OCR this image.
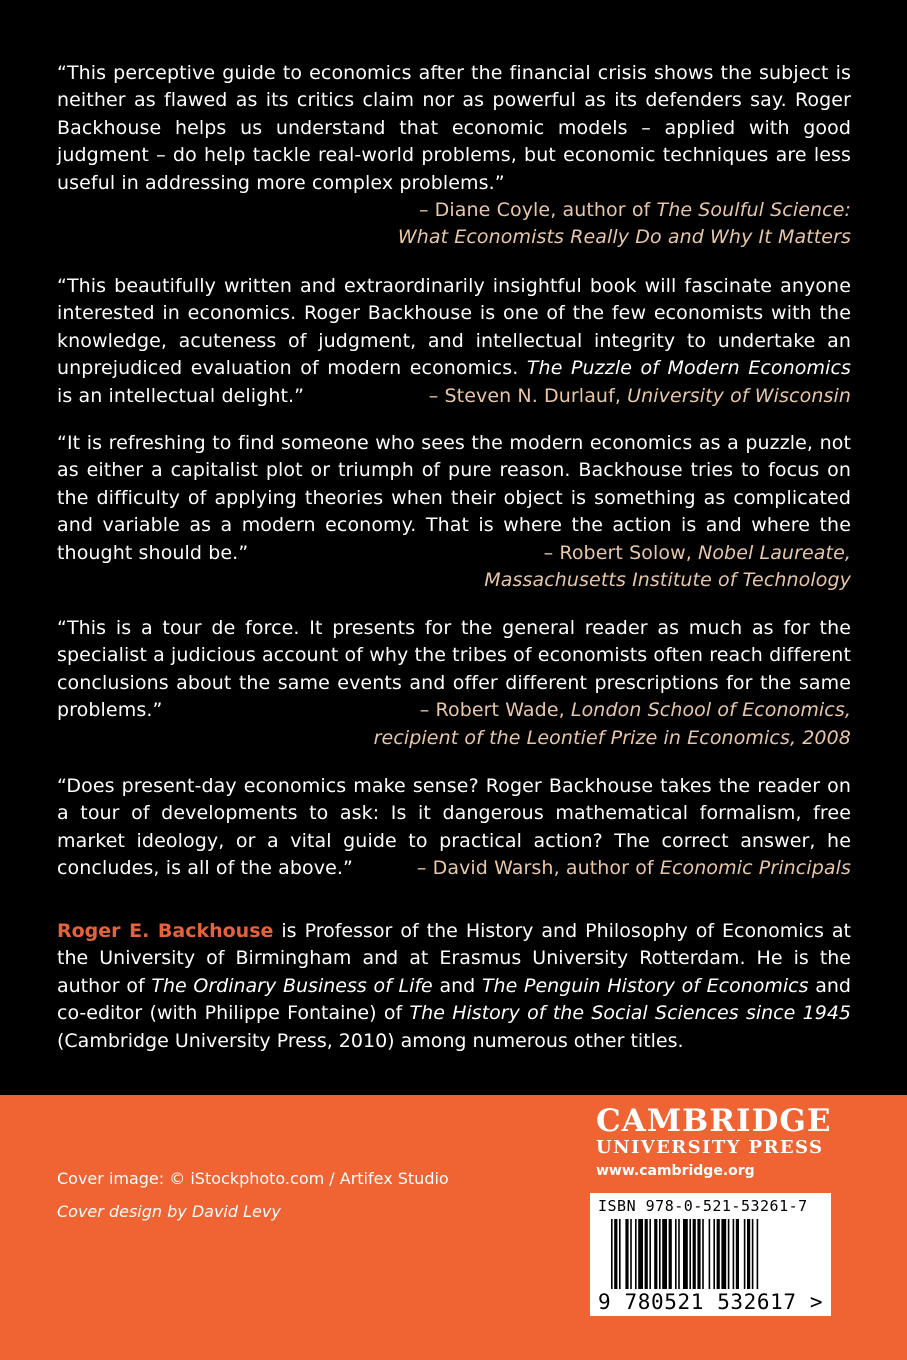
“This perceptive guide to economics after the financial crisis shows the subject is neither as flawed as its critics claim nor as powerful as its defenders say. Roger Backhouse helps us understand that economic models – applied with good judgment – do help tackle real-world problems, but economic techniques are less useful in addressing more complex problems.”
– Diane Coyle, author of The Soulful Science:
What Economists Really Do and Why It Matters
“This beautifully written and extraordinarily insightful book will fascinate anyone interested in economics. Roger Backhouse is one of the few economists with the knowledge, acuteness of judgment, and intellectual integrity to undertake an unprejudiced evaluation of modern economics. The Puzzle of Modern Economics is an intellectual delight.”	– Steven N. Durlauf, University of Wisconsin
“It is refreshing to find someone who sees the modern economics as a puzzle, not as either a capitalist plot or triumph of pure reason. Backhouse tries to focus on the difficulty of applying theories when their object is something as complicated and variable as a modern economy. That is where the action is and where the thought should be.”	– Robert Solow, Nobel Laureate,
Massachusetts Institute of Technology
“This is a tour de force. It presents for the general reader as much as for the specialist a judicious account of why the tribes of economists often reach different conclusions about the same events and offer different prescriptions for the same problems.”	– Robert Wade, London School of Economics,
recipient of the Leontief Prize in Economics, 2008
“Does present-day economics make sense? Roger Backhouse takes the reader on a tour of developments to ask: Is it dangerous mathematical formalism, free market ideology, or a vital guide to practical action? The correct answer, he concludes, is all of the above.”	– David Warsh, author of Economic Principals
Roger E. Backhouse is Professor of the History and Philosophy of Economics at the University of Birmingham and at Erasmus University Rotterdam. He is the author of The Ordinary Business of Life and The Penguin History of Economics and co-editor (with Philippe Fontaine) of The History of the Social Sciences since 1945 (Cambridge University Press, 2010) among numerous other titles.
Cover image: © iStockphoto.com / Artifex Studio
Cover design by David Levy
CAMBRIDGE
UNIVERSITY PRESS
www.cambridge.org
ISBN 978-0-521-53261-7
9 780521 532617 >
